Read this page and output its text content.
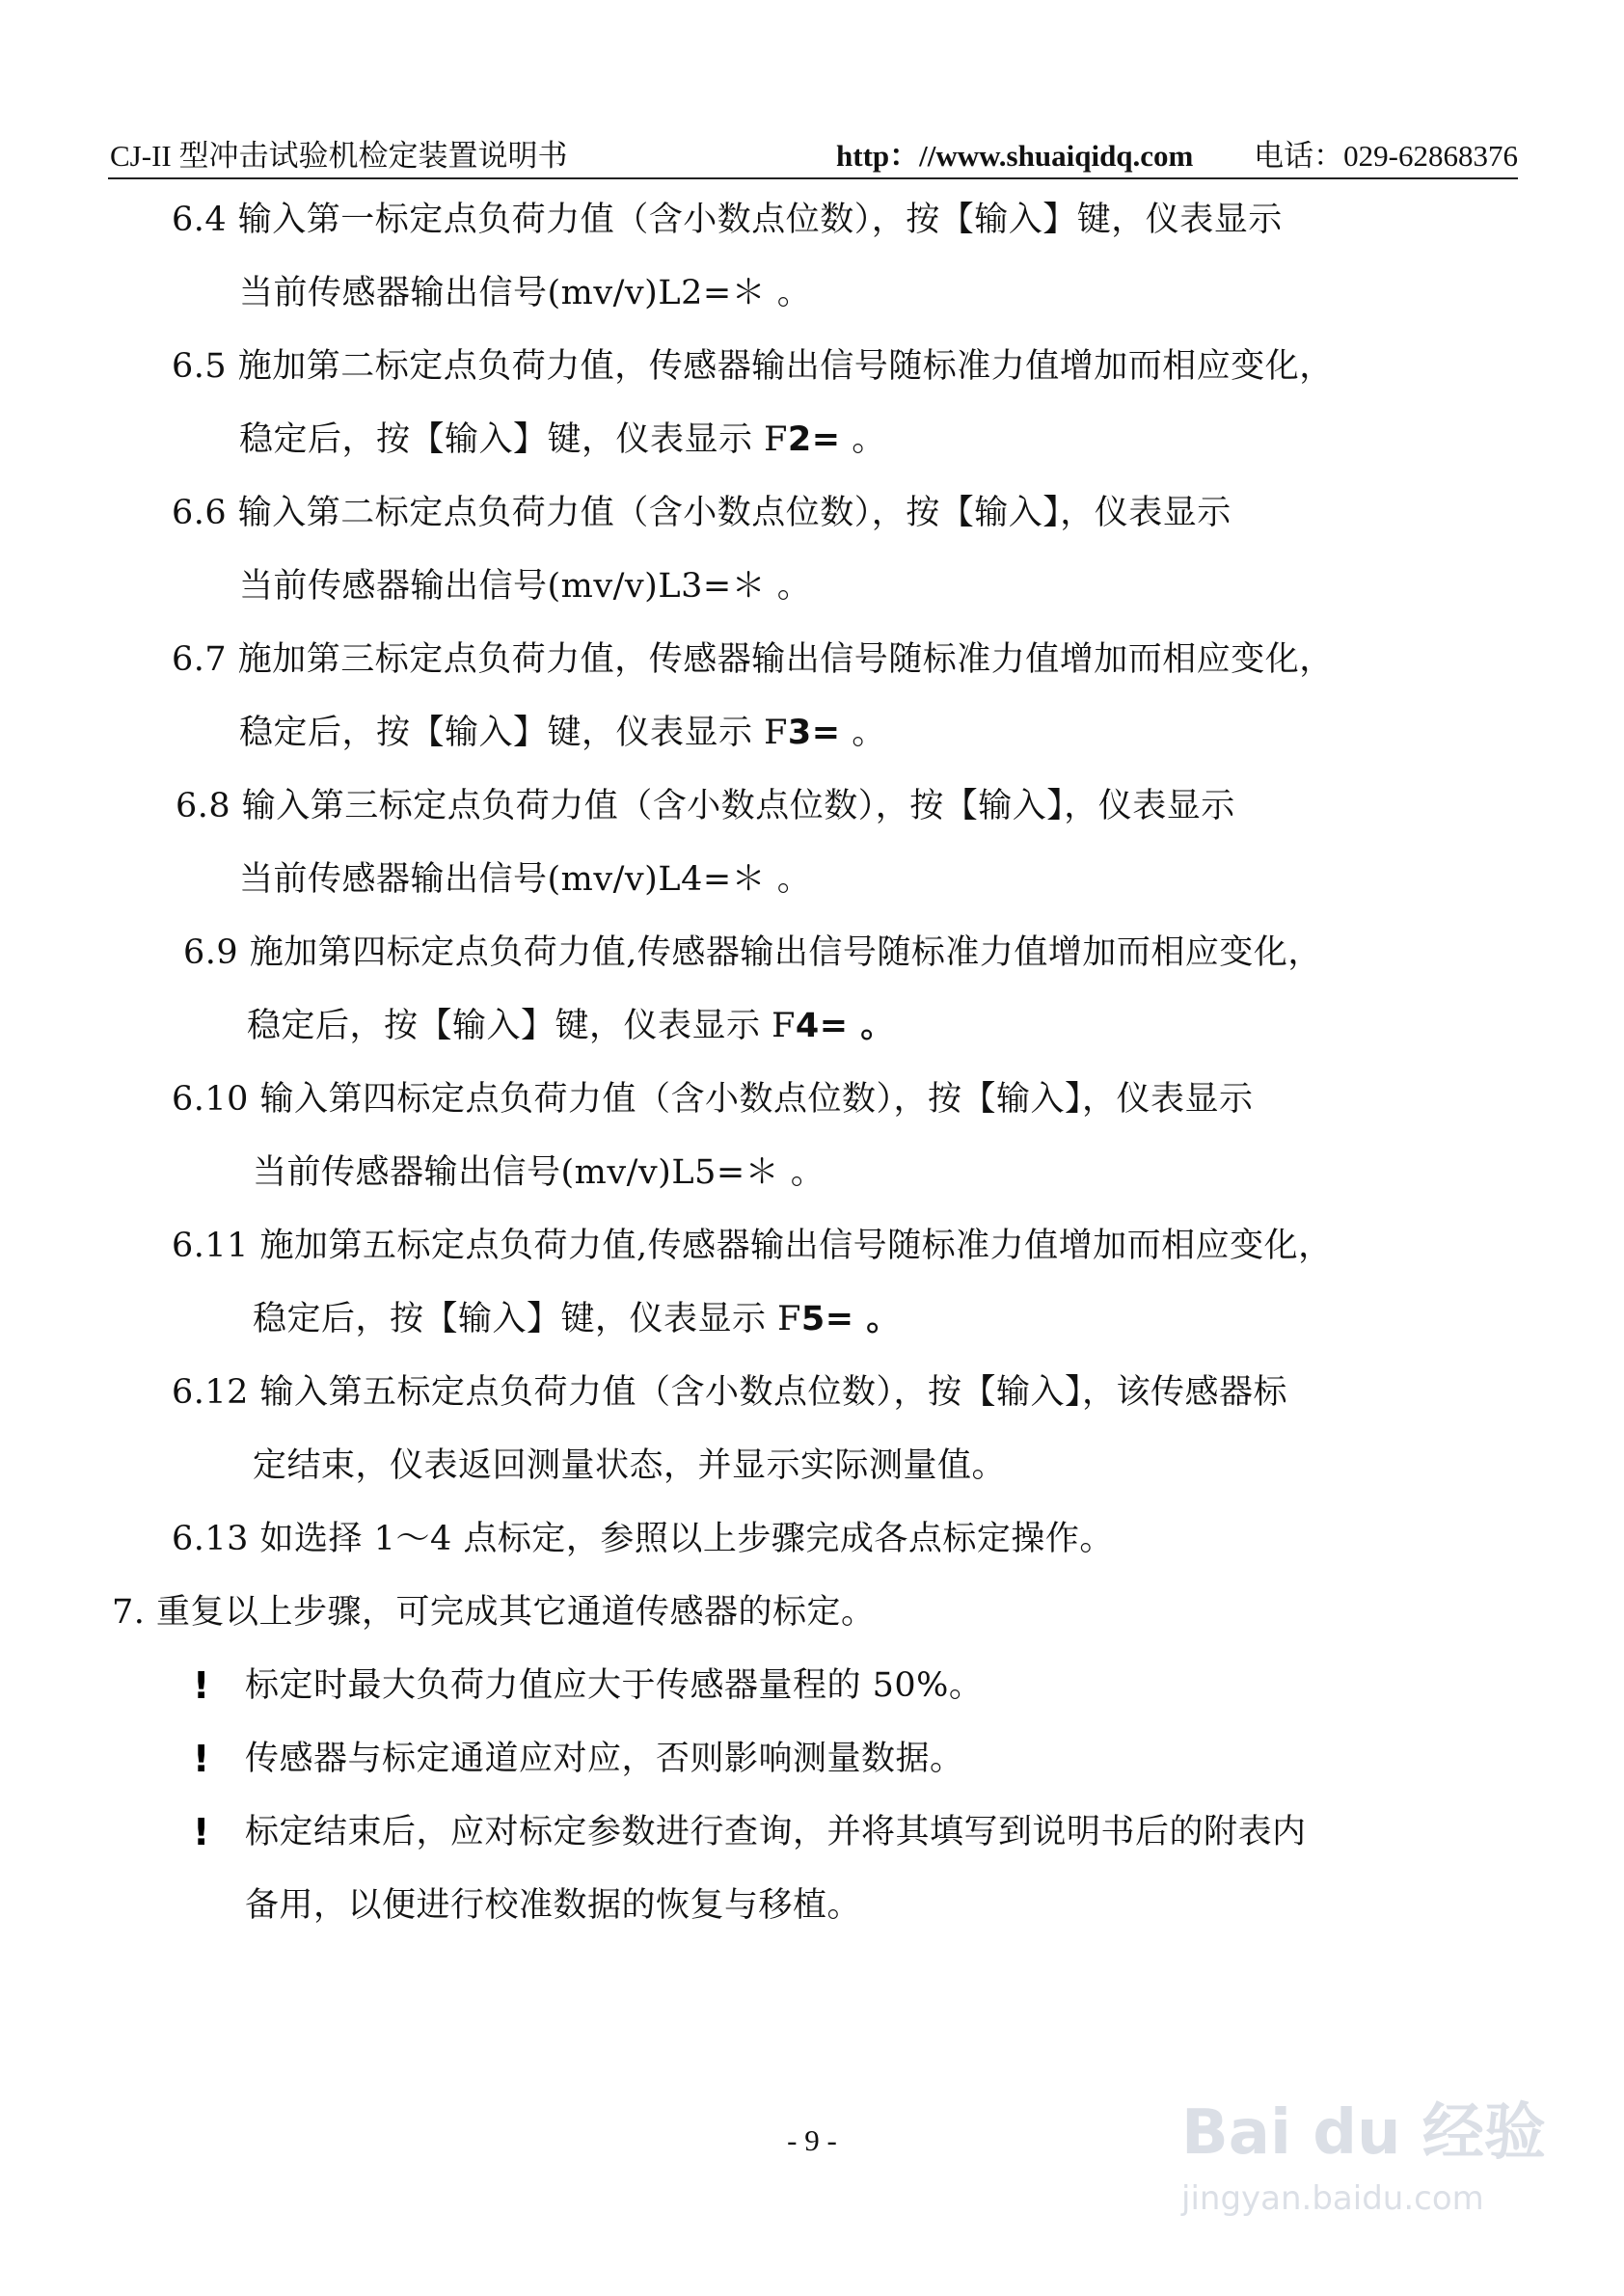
CJ-II 型冲击试验机检定装置说明书	http：//www.shuaiqidq.com 电话：029-62868376
6.4 输入第一标定点负荷力值（含小数点位数），按【输入】键，仪表显示
当前传感器输出信号(mv/v)L2=＊ 。
6.5 施加第二标定点负荷力值，传感器输出信号随标准力值增加而相应变化，
稳定后，按【输入】键，仪表显示 F2= 。
6.6 输入第二标定点负荷力值（含小数点位数），按【输入】，仪表显示
当前传感器输出信号(mv/v)L3=＊ 。
6.7 施加第三标定点负荷力值，传感器输出信号随标准力值增加而相应变化，
稳定后，按【输入】键，仪表显示 F3= 。
6.8 输入第三标定点负荷力值（含小数点位数），按【输入】，仪表显示
当前传感器输出信号(mv/v)L4=＊ 。
6.9 施加第四标定点负荷力值,传感器输出信号随标准力值增加而相应变化，
稳定后，按【输入】键，仪表显示 F4= 。
6.10 输入第四标定点负荷力值（含小数点位数），按【输入】，仪表显示
当前传感器输出信号(mv/v)L5=＊ 。
6.11 施加第五标定点负荷力值,传感器输出信号随标准力值增加而相应变化，
稳定后，按【输入】键，仪表显示 F5= 。
6.12 输入第五标定点负荷力值（含小数点位数），按【输入】，该传感器标
定结束，仪表返回测量状态，并显示实际测量值。
6.13 如选择 1～4 点标定，参照以上步骤完成各点标定操作。
7. 重复以上步骤，可完成其它通道传感器的标定。
! 标定时最大负荷力值应大于传感器量程的 50%。
! 传感器与标定通道应对应，否则影响测量数据。
! 标定结束后，应对标定参数进行查询，并将其填写到说明书后的附表内
备用，以便进行校准数据的恢复与移植。
- 9 -	Bai du 经验
jingyan.baidu.com
